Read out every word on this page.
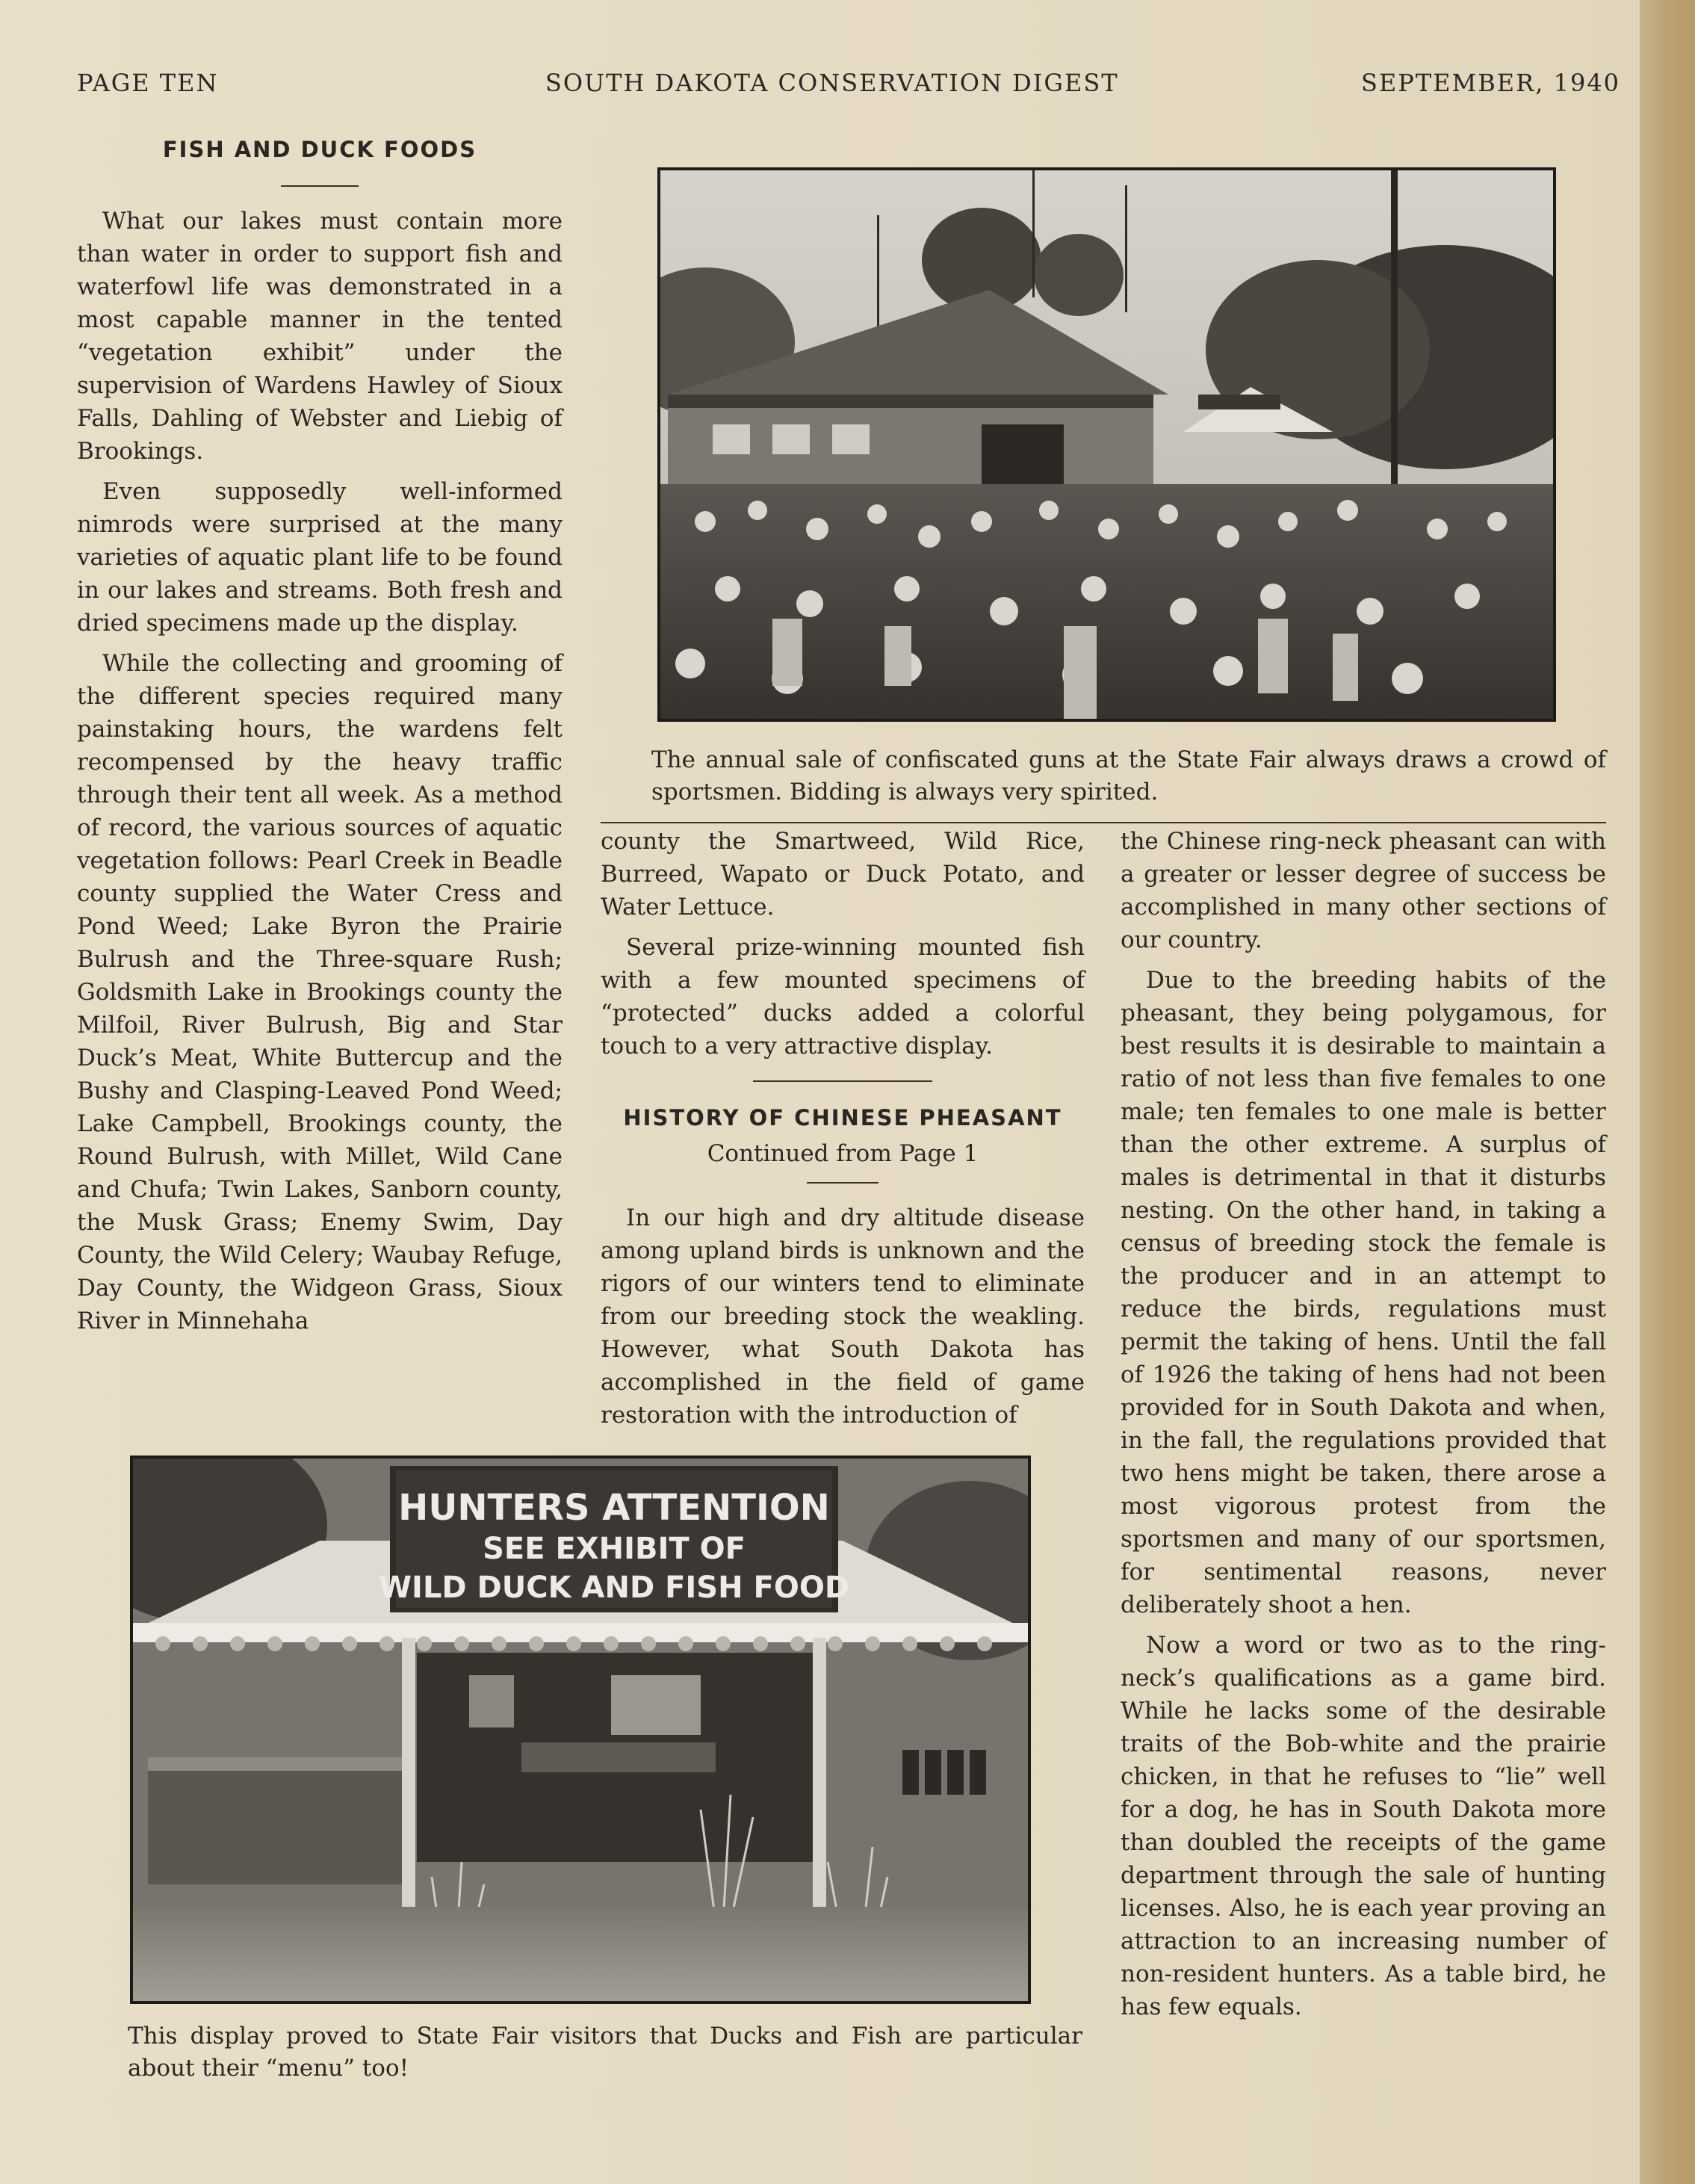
PAGE TEN	SOUTH DAKOTA CONSERVATION DIGEST	SEPTEMBER, 1940
FISH AND DUCK FOODS

What our lakes must contain more than water in order to support fish and waterfowl life was demonstrated in a most capable manner in the tented “vegetation exhibit” under the supervision of Wardens Hawley of Sioux Falls, Dahling of Webster and Liebig of Brookings.

Even supposedly well-informed nimrods were surprised at the many varieties of aquatic plant life to be found in our lakes and streams. Both fresh and dried specimens made up the display.

While the collecting and grooming of the different species required many painstaking hours, the wardens felt recompensed by the heavy traffic through their tent all week. As a method of record, the various sources of aquatic vegetation follows: Pearl Creek in Beadle county supplied the Water Cress and Pond Weed; Lake Byron the Prairie Bulrush and the Three-square Rush; Goldsmith Lake in Brookings county the Milfoil, River Bulrush, Big and Star Duck’s Meat, White Buttercup and the Bushy and Clasping-Leaved Pond Weed; Lake Campbell, Brookings county, the Round Bulrush, with Millet, Wild Cane and Chufa; Twin Lakes, Sanborn county, the Musk Grass; Enemy Swim, Day County, the Wild Celery; Waubay Refuge, Day County, the Widgeon Grass, Sioux River in Minnehaha

The annual sale of confiscated guns at the State Fair always draws a crowd of sportsmen. Bidding is always very spirited.

county the Smartweed, Wild Rice, Burreed, Wapato or Duck Potato, and Water Lettuce.

Several prize-winning mounted fish with a few mounted specimens of “protected” ducks added a colorful touch to a very attractive display.

HISTORY OF CHINESE PHEASANT
Continued from Page 1

In our high and dry altitude disease among upland birds is unknown and the rigors of our winters tend to eliminate from our breeding stock the weakling. However, what South Dakota has accomplished in the field of game restoration with the introduction of

the Chinese ring-neck pheasant can with a greater or lesser degree of success be accomplished in many other sections of our country.

Due to the breeding habits of the pheasant, they being polygamous, for best results it is desirable to maintain a ratio of not less than five females to one male; ten females to one male is better than the other extreme. A surplus of males is detrimental in that it disturbs nesting. On the other hand, in taking a census of breeding stock the female is the producer and in an attempt to reduce the birds, regulations must permit the taking of hens. Until the fall of 1926 the taking of hens had not been provided for in South Dakota and when, in the fall, the regulations provided that two hens might be taken, there arose a most vigorous protest from the sportsmen and many of our sportsmen, for sentimental reasons, never deliberately shoot a hen.

Now a word or two as to the ring-neck’s qualifications as a game bird. While he lacks some of the desirable traits of the Bob-white and the prairie chicken, in that he refuses to “lie” well for a dog, he has in South Dakota more than doubled the receipts of the game department through the sale of hunting licenses. Also, he is each year proving an attraction to an increasing number of non-resident hunters. As a table bird, he has few equals.

HUNTERS ATTENTION
SEE EXHIBIT OF
WILD DUCK AND FISH FOOD
This display proved to State Fair visitors that Ducks and Fish are particular about their “menu” too!
